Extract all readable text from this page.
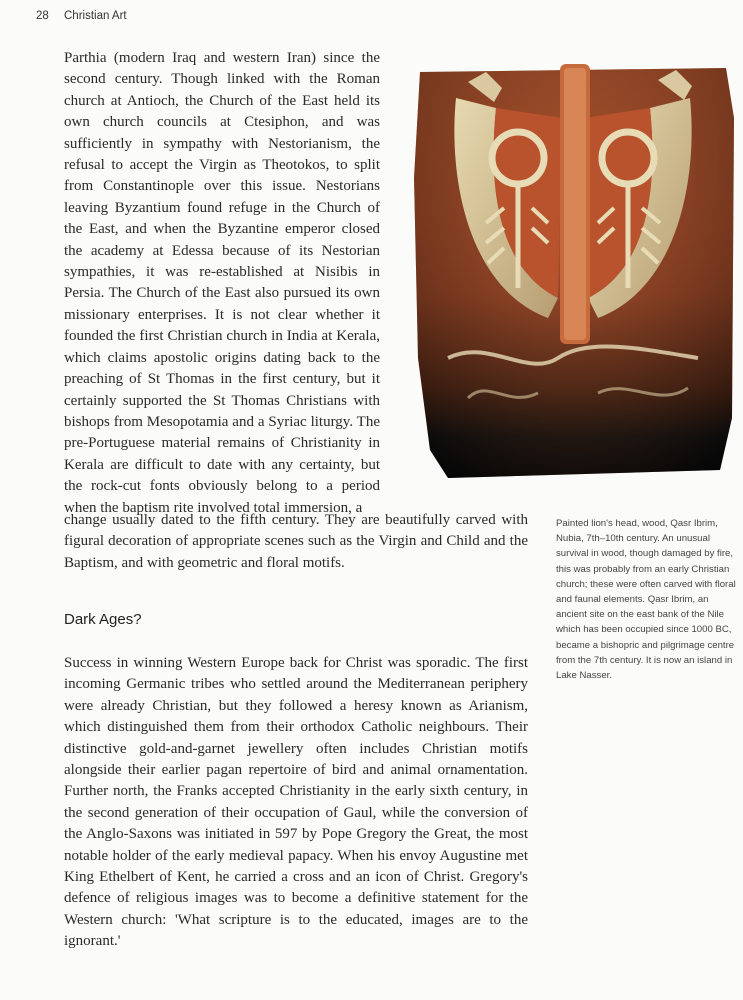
28 Christian Art

Parthia (modern Iraq and western Iran) since the second century. Though linked with the Roman church at Antioch, the Church of the East held its own church councils at Ctesiphon, and was sufficiently in sympathy with Nestorianism, the refusal to accept the Virgin as Theotokos, to split from Constantinople over this issue. Nestorians leaving Byzantium found refuge in the Church of the East, and when the Byzantine emperor closed the academy at Edessa because of its Nestorian sympathies, it was re-established at Nisibis in Persia. The Church of the East also pursued its own missionary enterprises. It is not clear whether it founded the first Christian church in India at Kerala, which claims apostolic origins dating back to the preaching of St Thomas in the first century, but it certainly supported the St Thomas Christians with bishops from Mesopotamia and a Syriac liturgy. The pre-Portuguese material remains of Christianity in Kerala are difficult to date with any certainty, but the rock-cut fonts obviously belong to a period when the baptism rite involved total immersion, a

change usually dated to the fifth century. They are beautifully carved with figural decoration of appropriate scenes such as the Virgin and Child and the Baptism, and with geometric and floral motifs.

Painted lion's head, wood, Qasr Ibrim, Nubia, 7th–10th century. An unusual survival in wood, though damaged by fire, this was probably from an early Christian church; these were often carved with floral and faunal elements. Qasr Ibrim, an ancient site on the east bank of the Nile which has been occupied since 1000 BC, became a bishopric and pilgrimage centre from the 7th century. It is now an island in Lake Nasser.
Dark Ages?

Success in winning Western Europe back for Christ was sporadic. The first incoming Germanic tribes who settled around the Mediterranean periphery were already Christian, but they followed a heresy known as Arianism, which distinguished them from their orthodox Catholic neighbours. Their distinctive gold-and-garnet jewellery often includes Christian motifs alongside their earlier pagan repertoire of bird and animal ornamentation. Further north, the Franks accepted Christianity in the early sixth century, in the second generation of their occupation of Gaul, while the conversion of the Anglo-Saxons was initiated in 597 by Pope Gregory the Great, the most notable holder of the early medieval papacy. When his envoy Augustine met King Ethelbert of Kent, he carried a cross and an icon of Christ. Gregory's defence of religious images was to become a definitive statement for the Western church: 'What scripture is to the educated, images are to the ignorant.'
